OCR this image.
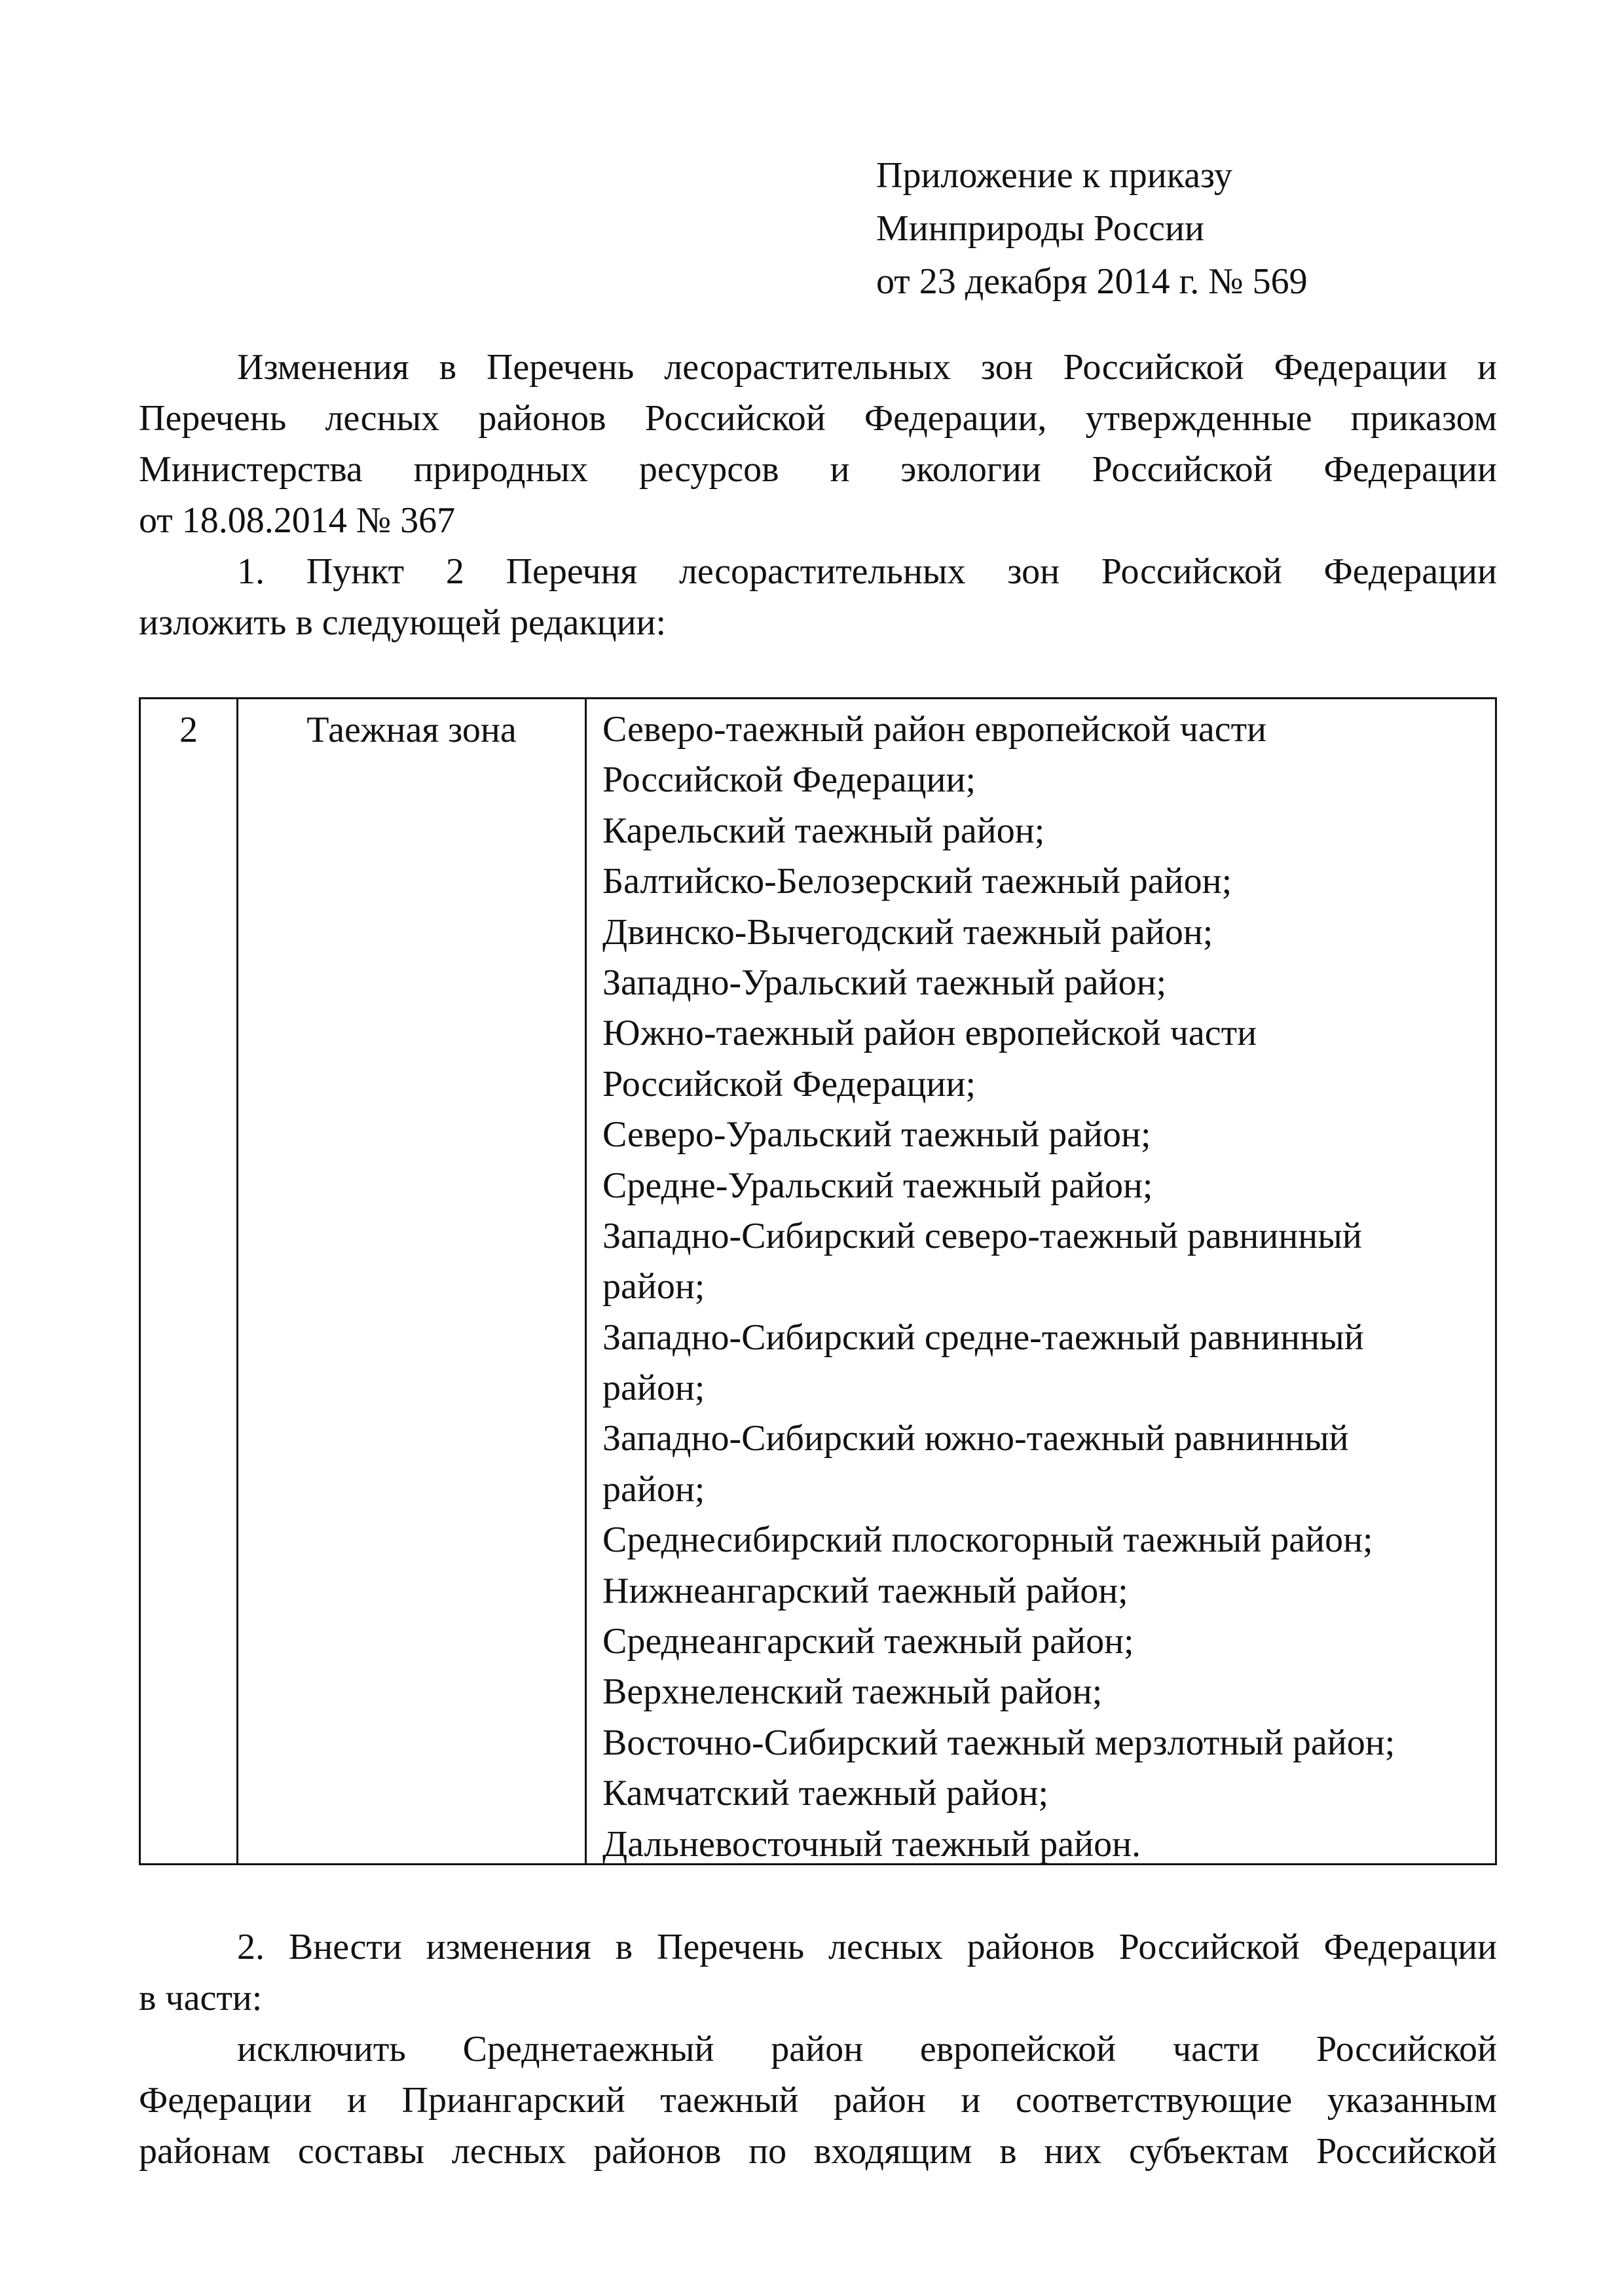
Приложение к приказу
Минприроды России
от 23 декабря 2014 г. № 569
Изменения в Перечень лесорастительных зон Российской Федерации и
Перечень лесных районов Российской Федерации, утвержденные приказом
Министерства природных ресурсов и экологии Российской Федерации
от 18.08.2014 № 367
1. Пункт 2 Перечня лесорастительных зон Российской Федерации
изложить в следующей редакции:
2	Таежная зона	Северо-таежный район европейской части
Российской Федерации;
Карельский таежный район;
Балтийско-Белозерский таежный район;
Двинско-Вычегодский таежный район;
Западно-Уральский таежный район;
Южно-таежный район европейской части
Российской Федерации;
Северо-Уральский таежный район;
Средне-Уральский таежный район;
Западно-Сибирский северо-таежный равнинный
район;
Западно-Сибирский средне-таежный равнинный
район;
Западно-Сибирский южно-таежный равнинный
район;
Среднесибирский плоскогорный таежный район;
Нижнеангарский таежный район;
Среднеангарский таежный район;
Верхнеленский таежный район;
Восточно-Сибирский таежный мерзлотный район;
Камчатский таежный район;
Дальневосточный таежный район.
2. Внести изменения в Перечень лесных районов Российской Федерации
в части:
исключить Среднетаежный район европейской части Российской
Федерации и Приангарский таежный район и соответствующие указанным
районам составы лесных районов по входящим в них субъектам Российской
